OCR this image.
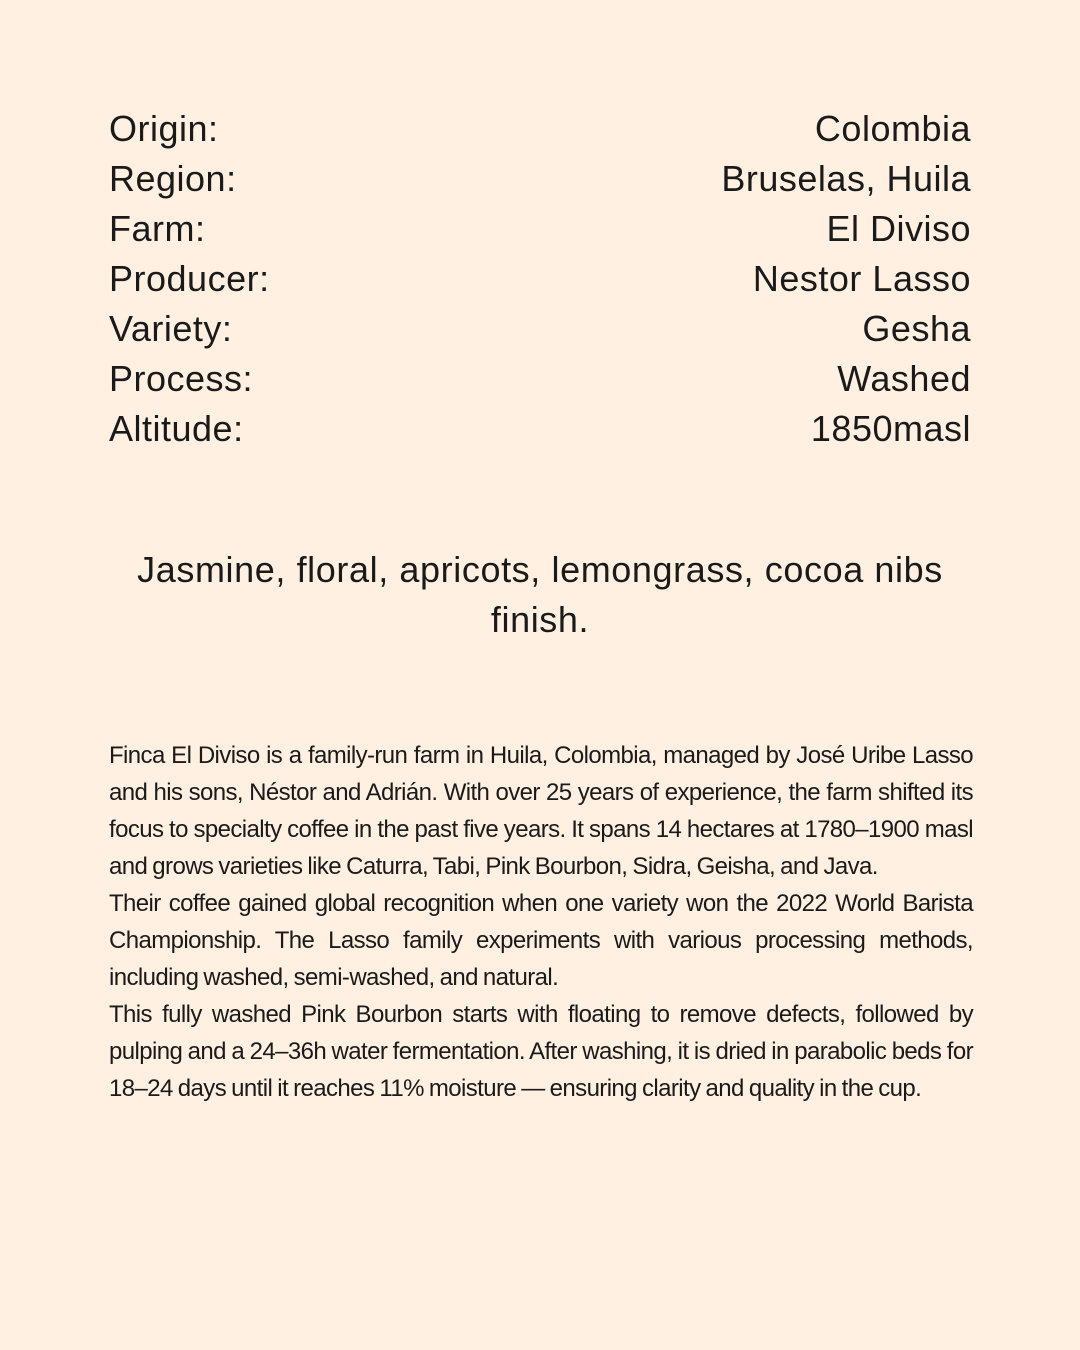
Origin:	Colombia
Region:	Bruselas, Huila
Farm:	El Diviso
Producer:	Nestor Lasso
Variety:	Gesha
Process:	Washed
Altitude:	1850masl
Jasmine, floral, apricots, lemongrass, cocoa nibs finish.

Finca El Diviso is a family-run farm in Huila, Colombia, managed by José Uribe Lasso and his sons, Néstor and Adrián. With over 25 years of experience, the farm shifted its focus to specialty coffee in the past five years. It spans 14 hectares at 1780–1900 masl and grows varieties like Caturra, Tabi, Pink Bourbon, Sidra, Geisha, and Java.

Their coffee gained global recognition when one variety won the 2022 World Barista Championship. The Lasso family experiments with various processing methods, including washed, semi-washed, and natural.

This fully washed Pink Bourbon starts with floating to remove defects, followed by pulping and a 24–36h water fermentation. After washing, it is dried in parabolic beds for 18–24 days until it reaches 11% moisture — ensuring clarity and quality in the cup.
